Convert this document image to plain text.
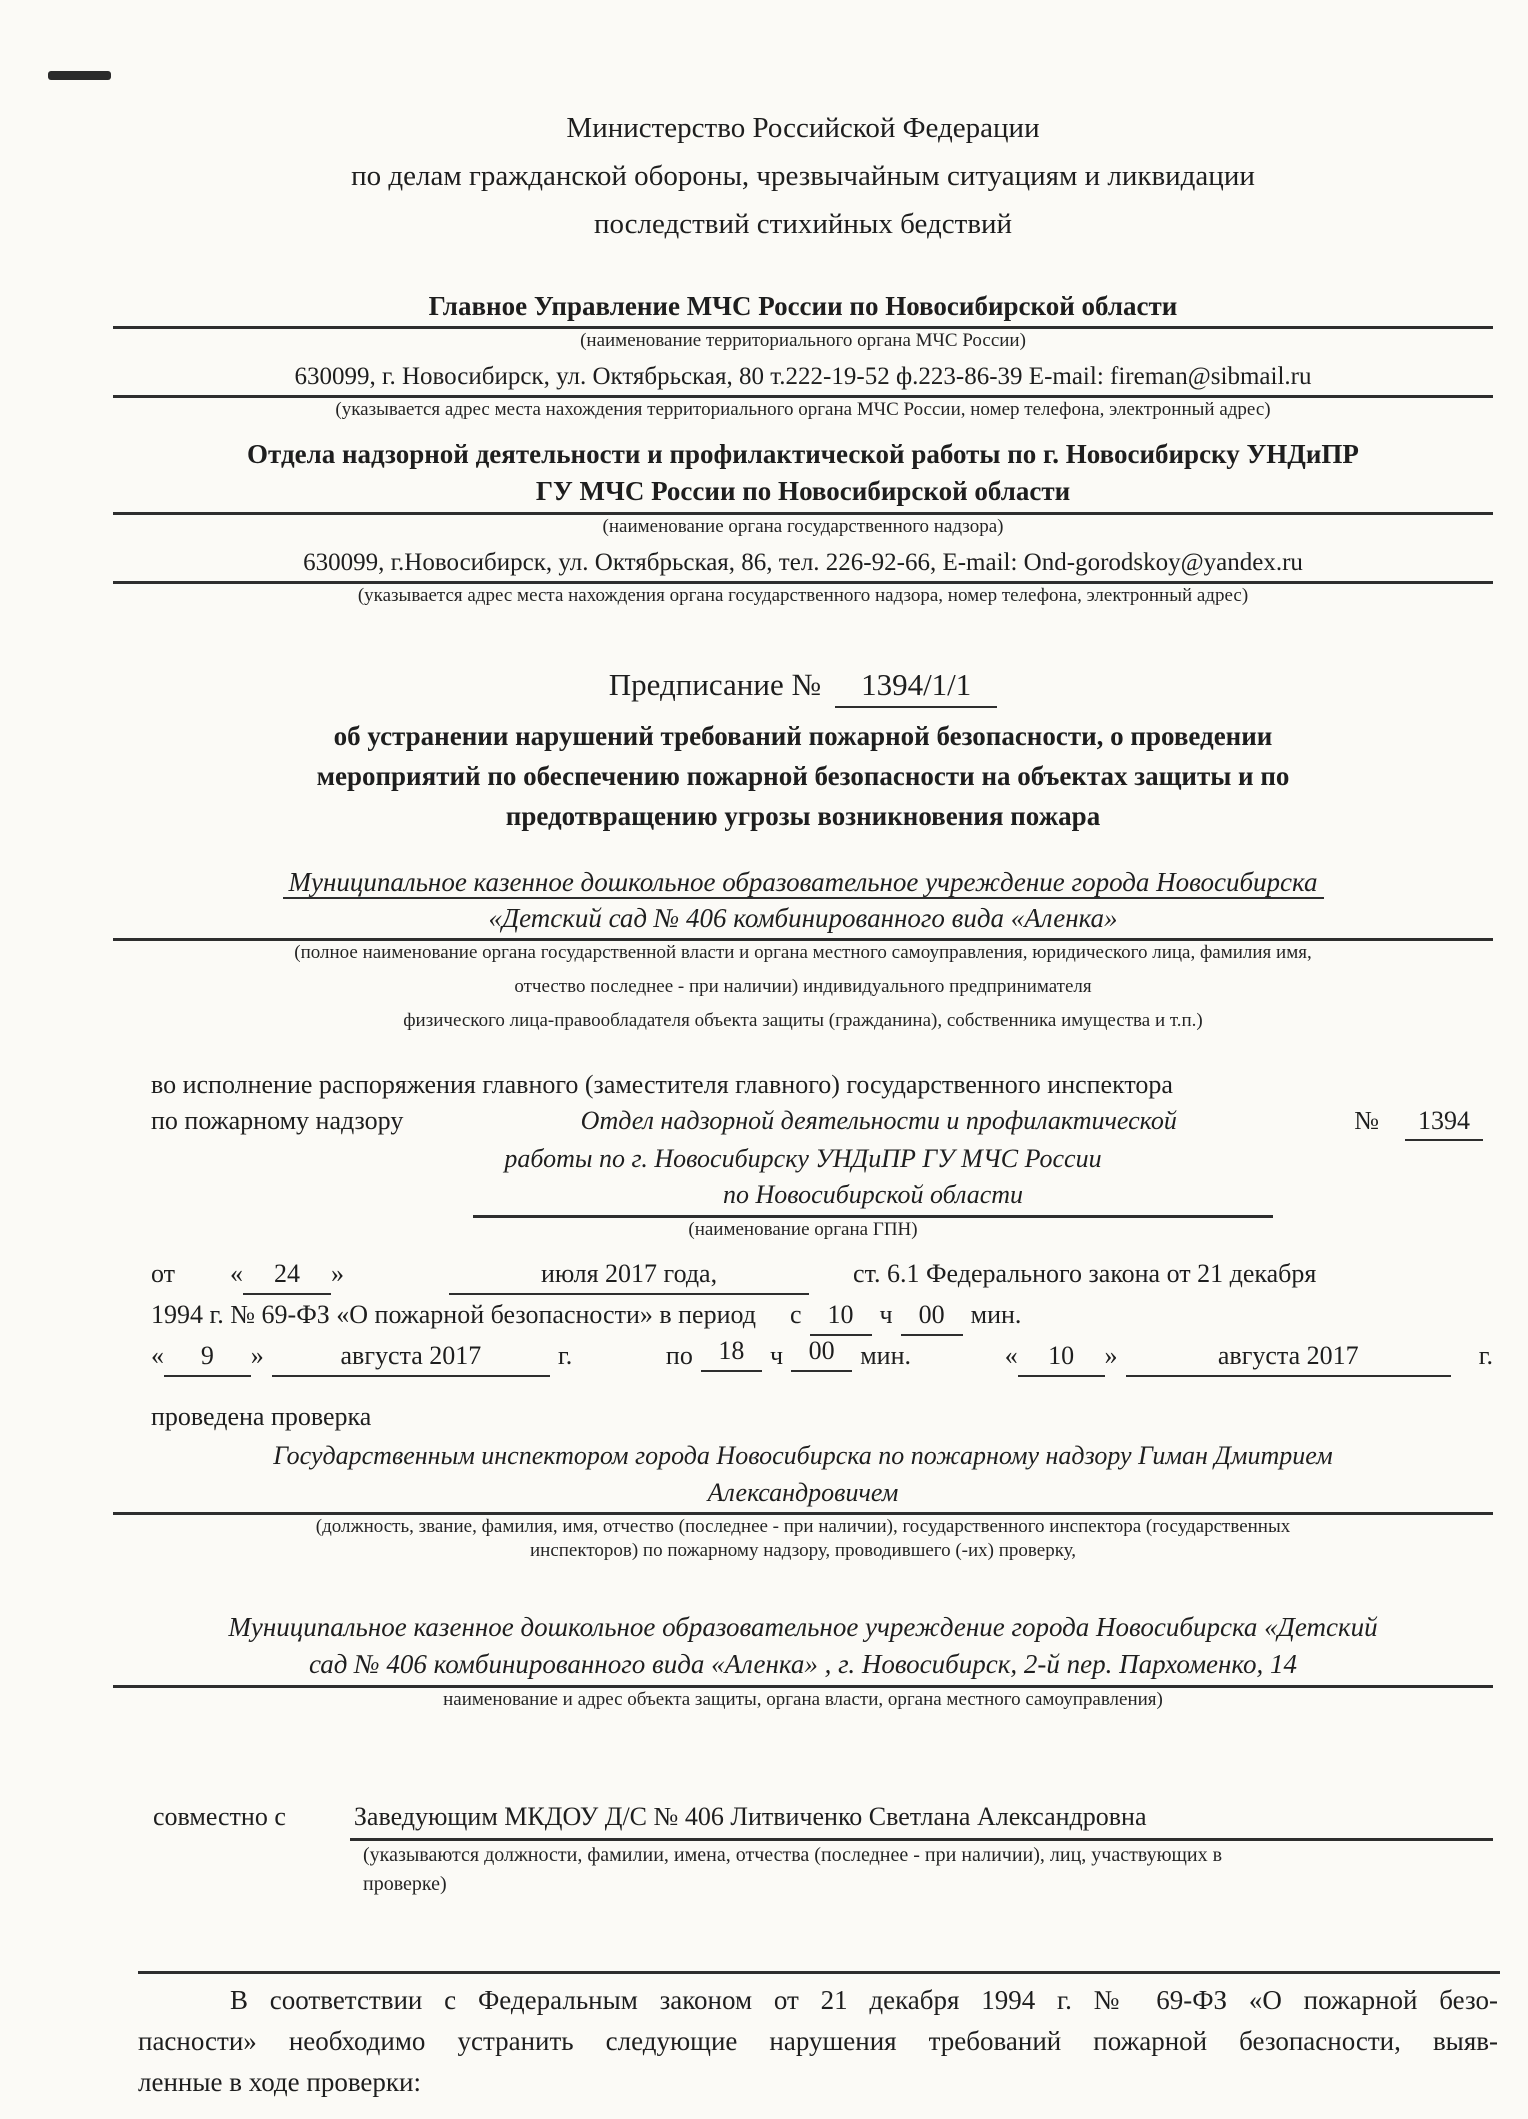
Министерство Российской Федерации
по делам гражданской обороны, чрезвычайным ситуациям и ликвидации
последствий стихийных бедствий
Главное Управление МЧС России по Новосибирской области
(наименование территориального органа МЧС России)
630099, г. Новосибирск, ул. Октябрьская, 80 т.222-19-52 ф.223-86-39 E-mail: fireman@sibmail.ru
(указывается адрес места нахождения территориального органа МЧС России, номер телефона, электронный адрес)
Отдела надзорной деятельности и профилактической работы по г. Новосибирску УНДиПР
ГУ МЧС России по Новосибирской области
(наименование органа государственного надзора)
630099, г.Новосибирск, ул. Октябрьская, 86, тел. 226-92-66, E-mail: Ond-gorodskoy@yandex.ru
(указывается адрес места нахождения органа государственного надзора, номер телефона, электронный адрес)
Предписание № 1394/1/1
об устранении нарушений требований пожарной безопасности, о проведении
мероприятий по обеспечению пожарной безопасности на объектах защиты и по
предотвращению угрозы возникновения пожара
Муниципальное казенное дошкольное образовательное учреждение города Новосибирска
«Детский сад № 406 комбинированного вида «Аленка»
(полное наименование органа государственной власти и органа местного самоуправления, юридического лица, фамилия имя,
отчество последнее - при наличии) индивидуального предпринимателя
физического лица-правообладателя объекта защиты (гражданина), собственника имущества и т.п.)
во исполнение распоряжения главного (заместителя главного) государственного инспектора
по пожарному надзору	Отдел надзорной деятельности и профилактической	№	1394
работы по г. Новосибирску УНДиПР ГУ МЧС России
по Новосибирской области
(наименование органа ГПН)
от «	24	»	июля 2017 года,	ст. 6.1 Федерального закона от 21 декабря
1994 г. № 69-ФЗ «О пожарной безопасности» в период с	10	ч	00	мин.
«	9	»	августа 2017	г.	по 18 ч 00 мин.	«	10	»	августа 2017	г.
проведена проверка
Государственным инспектором города Новосибирска по пожарному надзору Гиман Дмитрием
Александровичем
(должность, звание, фамилия, имя, отчество (последнее - при наличии), государственного инспектора (государственных
инспекторов) по пожарному надзору, проводившего (-их) проверку,
Муниципальное казенное дошкольное образовательное учреждение города Новосибирска «Детский
сад № 406 комбинированного вида «Аленка» , г. Новосибирск, 2-й пер. Пархоменко, 14
наименование и адрес объекта защиты, органа власти, органа местного самоуправления)
совместно с	Заведующим МКДОУ Д/С № 406 Литвиченко Светлана Александровна
(указываются должности, фамилии, имена, отчества (последнее - при наличии), лиц, участвующих в
проверке)
В соответствии с Федеральным законом от 21 декабря 1994 г. № 69-ФЗ «О пожарной безо-
пасности» необходимо устранить следующие нарушения требований пожарной безопасности, выяв-
ленные в ходе проверки:
